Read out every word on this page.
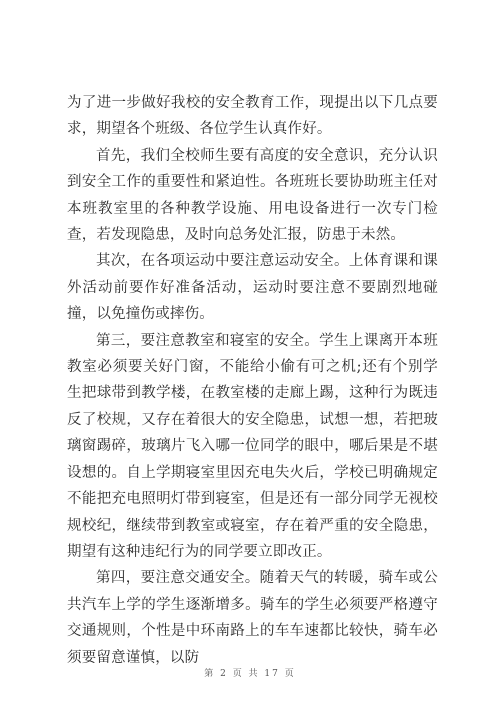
为了进一步做好我校的安全教育工作，现提出以下几点要求，期望各个班级、各位学生认真作好。

首先，我们全校师生要有高度的安全意识，充分认识到安全工作的重要性和紧迫性。各班班长要协助班主任对本班教室里的各种教学设施、用电设备进行一次专门检查，若发现隐患，及时向总务处汇报，防患于未然。

其次，在各项运动中要注意运动安全。上体育课和课外活动前要作好准备活动，运动时要注意不要剧烈地碰撞，以免撞伤或摔伤。

第三，要注意教室和寝室的安全。学生上课离开本班教室必须要关好门窗，不能给小偷有可之机;还有个别学生把球带到教学楼，在教室楼的走廊上踢，这种行为既违反了校规，又存在着很大的安全隐患，试想一想，若把玻璃窗踢碎，玻璃片飞入哪一位同学的眼中，哪后果是不堪设想的。自上学期寝室里因充电失火后，学校已明确规定不能把充电照明灯带到寝室，但是还有一部分同学无视校规校纪，继续带到教室或寝室，存在着严重的安全隐患，期望有这种违纪行为的同学要立即改正。

第四，要注意交通安全。随着天气的转暖，骑车或公共汽车上学的学生逐渐增多。骑车的学生必须要严格遵守交通规则，个性是中环南路上的车车速都比较快，骑车必须要留意谨慎，以防

第 2 页 共 17 页
